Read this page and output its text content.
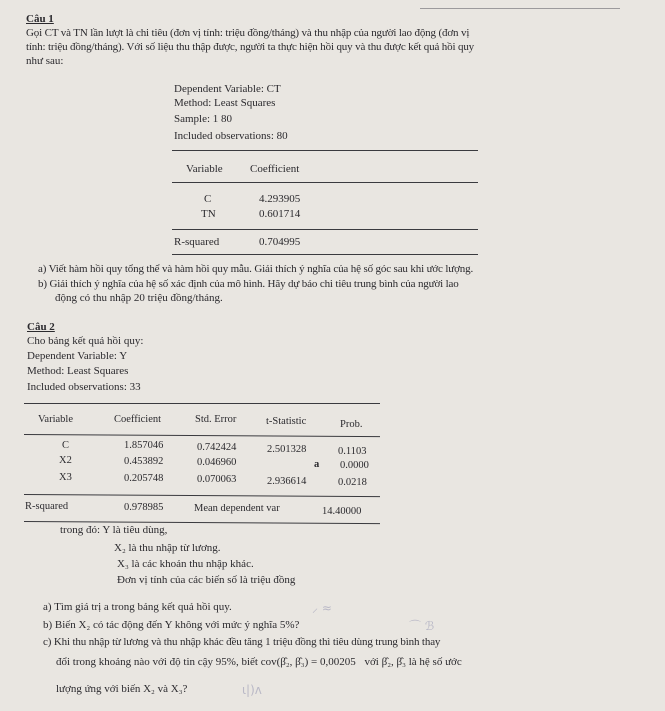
Câu 1
Gọi CT và TN lần lượt là chi tiêu (đơn vị tính: triệu đồng/tháng) và thu nhập của người lao động (đơn vị
tính: triệu đồng/tháng). Với số liệu thu thập được, người ta thực hiện hồi quy và thu được kết quả hồi quy
như sau:
Dependent Variable: CT
Method: Least Squares
Sample: 1 80
Included observations: 80
Variable Coefficient
C	4.293905
TN	0.601714
R-squared	0.704995
a) Viết hàm hồi quy tổng thể và hàm hồi quy mẫu. Giải thích ý nghĩa của hệ số góc sau khi ước lượng.
b) Giải thích ý nghĩa của hệ số xác định của mô hình. Hãy dự báo chi tiêu trung bình của người lao
động có thu nhập 20 triệu đồng/tháng.
Câu 2
Cho bảng kết quả hồi quy:
Dependent Variable: Y
Method: Least Squares
Included observations: 33
Variable	Coefficient	Std. Error	t-Statistic	Prob.
C	1.857046	0.742424	2.501328	0.1103
X2	0.453892	0.046960	a 0.0000
X3	0.205748	0.070063	2.936614	0.0218
R-squared	0.978985	Mean dependent var	14.40000
trong đó: Y là tiêu dùng,
X₂ là thu nhập từ lương.
X₃ là các khoản thu nhập khác.
Đơn vị tính của các biến số là triệu đồng
a) Tìm giá trị a trong bảng kết quả hồi quy.	⸝ ≈
b) Biến X₂ có tác động đến Y không với mức ý nghĩa 5%?	⌒ ℬ
c) Khi thu nhập từ lương và thu nhập khác đều tăng 1 triệu đồng thì tiêu dùng trung bình thay
đổi trong khoảng nào với độ tin cậy 95%, biết cov(β̂₂, β̂₃) = 0,00205 với β̂₂, β̂₃ là hệ số ước
lượng ứng với biến X₂ và X₃?	ɩ|)ʌ
